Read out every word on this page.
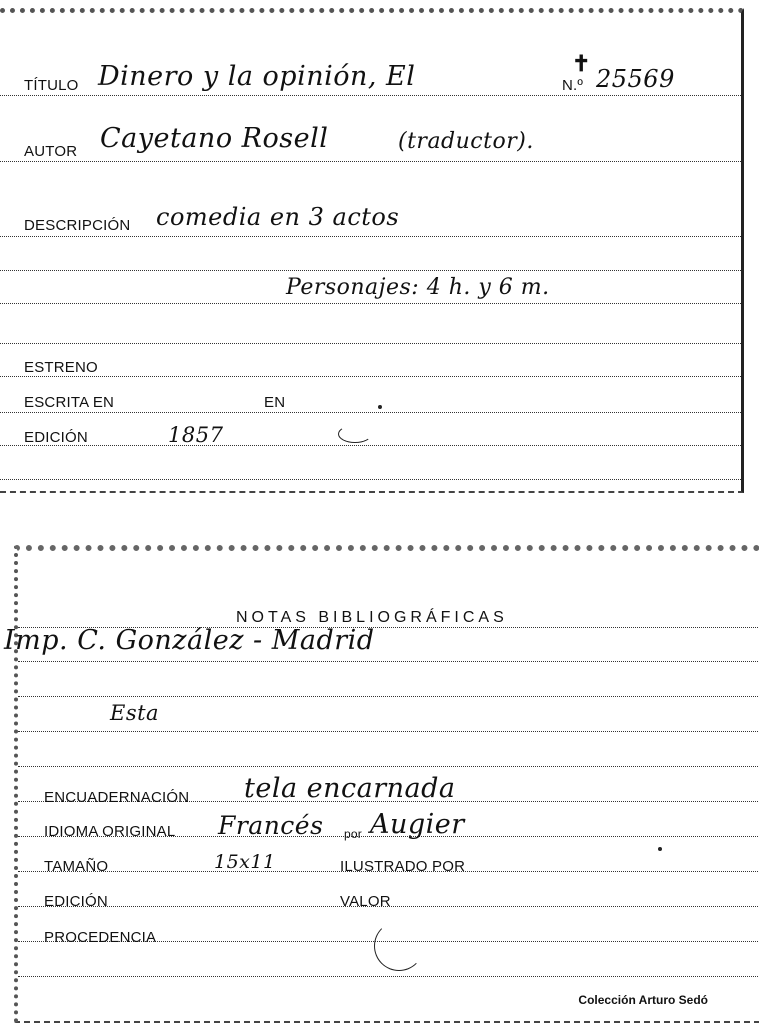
TÍTULO Dinero y la opinión, El	✝
N.º 25569
AUTOR Cayetano Rosell	(traductor).
DESCRIPCIÓN comedia en 3 actos
Personajes: 4 h. y 6 m.
ESTRENO
ESCRITA EN	EN
EDICIÓN	1857
NOTAS BIBLIOGRÁFICAS
Imp. C. González - Madrid
Esta
ENCUADERNACIÓN tela encarnada
IDIOMA ORIGINAL Francés por Augier
TAMAÑO	15x11	ILUSTRADO POR
EDICIÓN	VALOR
PROCEDENCIA
Colección Arturo Sedó
